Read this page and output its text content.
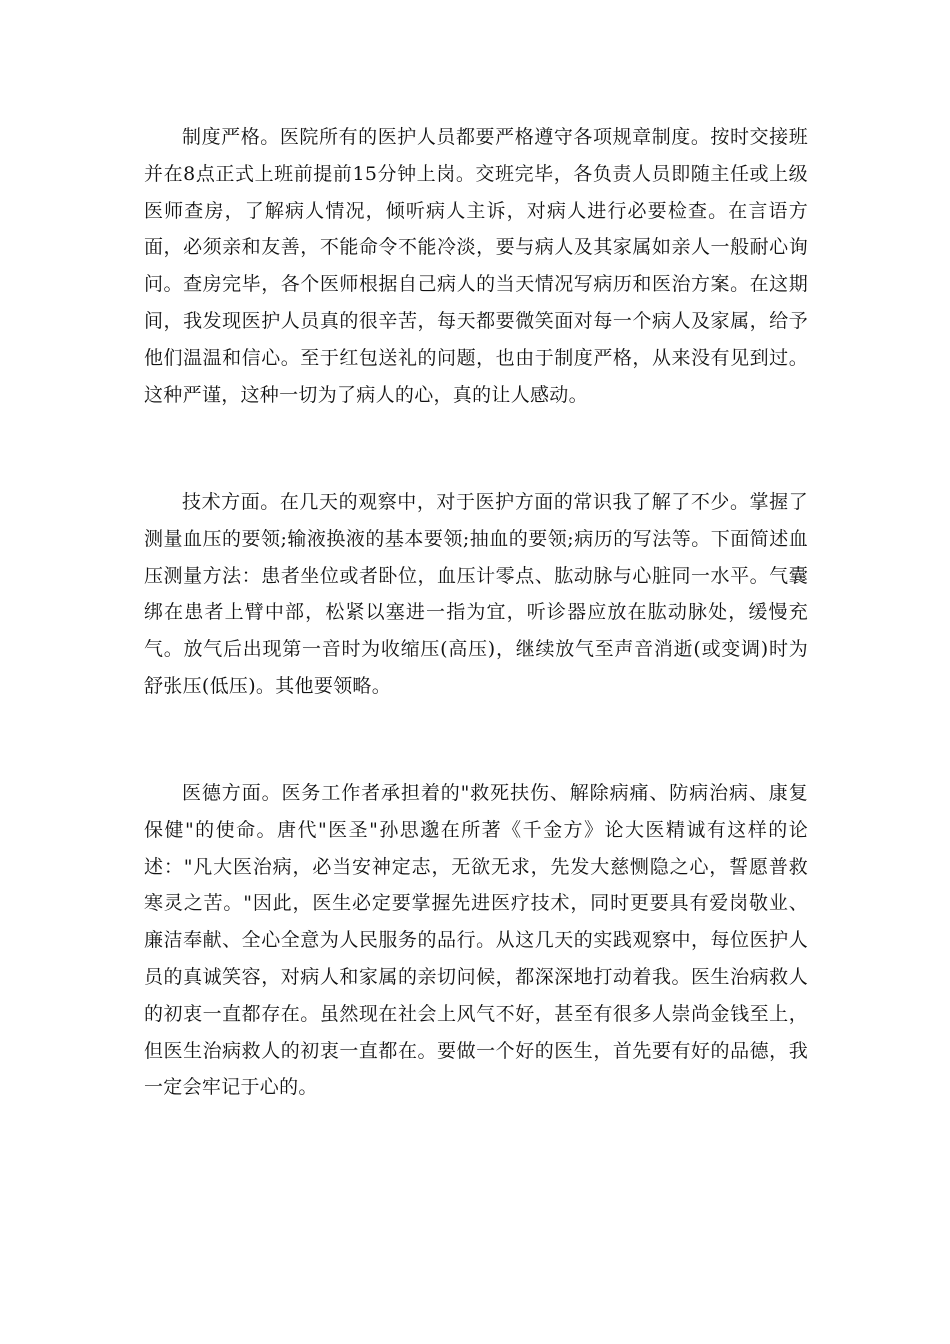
制度严格。医院所有的医护人员都要严格遵守各项规章制度。按时交接班并在8点正式上班前提前15分钟上岗。交班完毕，各负责人员即随主任或上级医师查房，了解病人情况，倾听病人主诉，对病人进行必要检查。在言语方面，必须亲和友善，不能命令不能冷淡，要与病人及其家属如亲人一般耐心询问。查房完毕，各个医师根据自己病人的当天情况写病历和医治方案。在这期间，我发现医护人员真的很辛苦，每天都要微笑面对每一个病人及家属，给予他们温温和信心。至于红包送礼的问题，也由于制度严格，从来没有见到过。这种严谨，这种一切为了病人的心，真的让人感动。

技术方面。在几天的观察中，对于医护方面的常识我了解了不少。掌握了测量血压的要领;输液换液的基本要领;抽血的要领;病历的写法等。下面简述血压测量方法：患者坐位或者卧位，血压计零点、肱动脉与心脏同一水平。气囊绑在患者上臂中部，松紧以塞进一指为宜，听诊器应放在肱动脉处，缓慢充气。放气后出现第一音时为收缩压(高压)，继续放气至声音消逝(或变调)时为舒张压(低压)。其他要领略。

医德方面。医务工作者承担着的"救死扶伤、解除病痛、防病治病、康复保健"的使命。唐代"医圣"孙思邈在所著《千金方》论大医精诚有这样的论述："凡大医治病，必当安神定志，无欲无求，先发大慈恻隐之心，誓愿普救寒灵之苦。"因此，医生必定要掌握先进医疗技术，同时更要具有爱岗敬业、廉洁奉献、全心全意为人民服务的品行。从这几天的实践观察中，每位医护人员的真诚笑容，对病人和家属的亲切问候，都深深地打动着我。医生治病救人的初衷一直都存在。虽然现在社会上风气不好，甚至有很多人崇尚金钱至上，但医生治病救人的初衷一直都在。要做一个好的医生，首先要有好的品德，我一定会牢记于心的。
